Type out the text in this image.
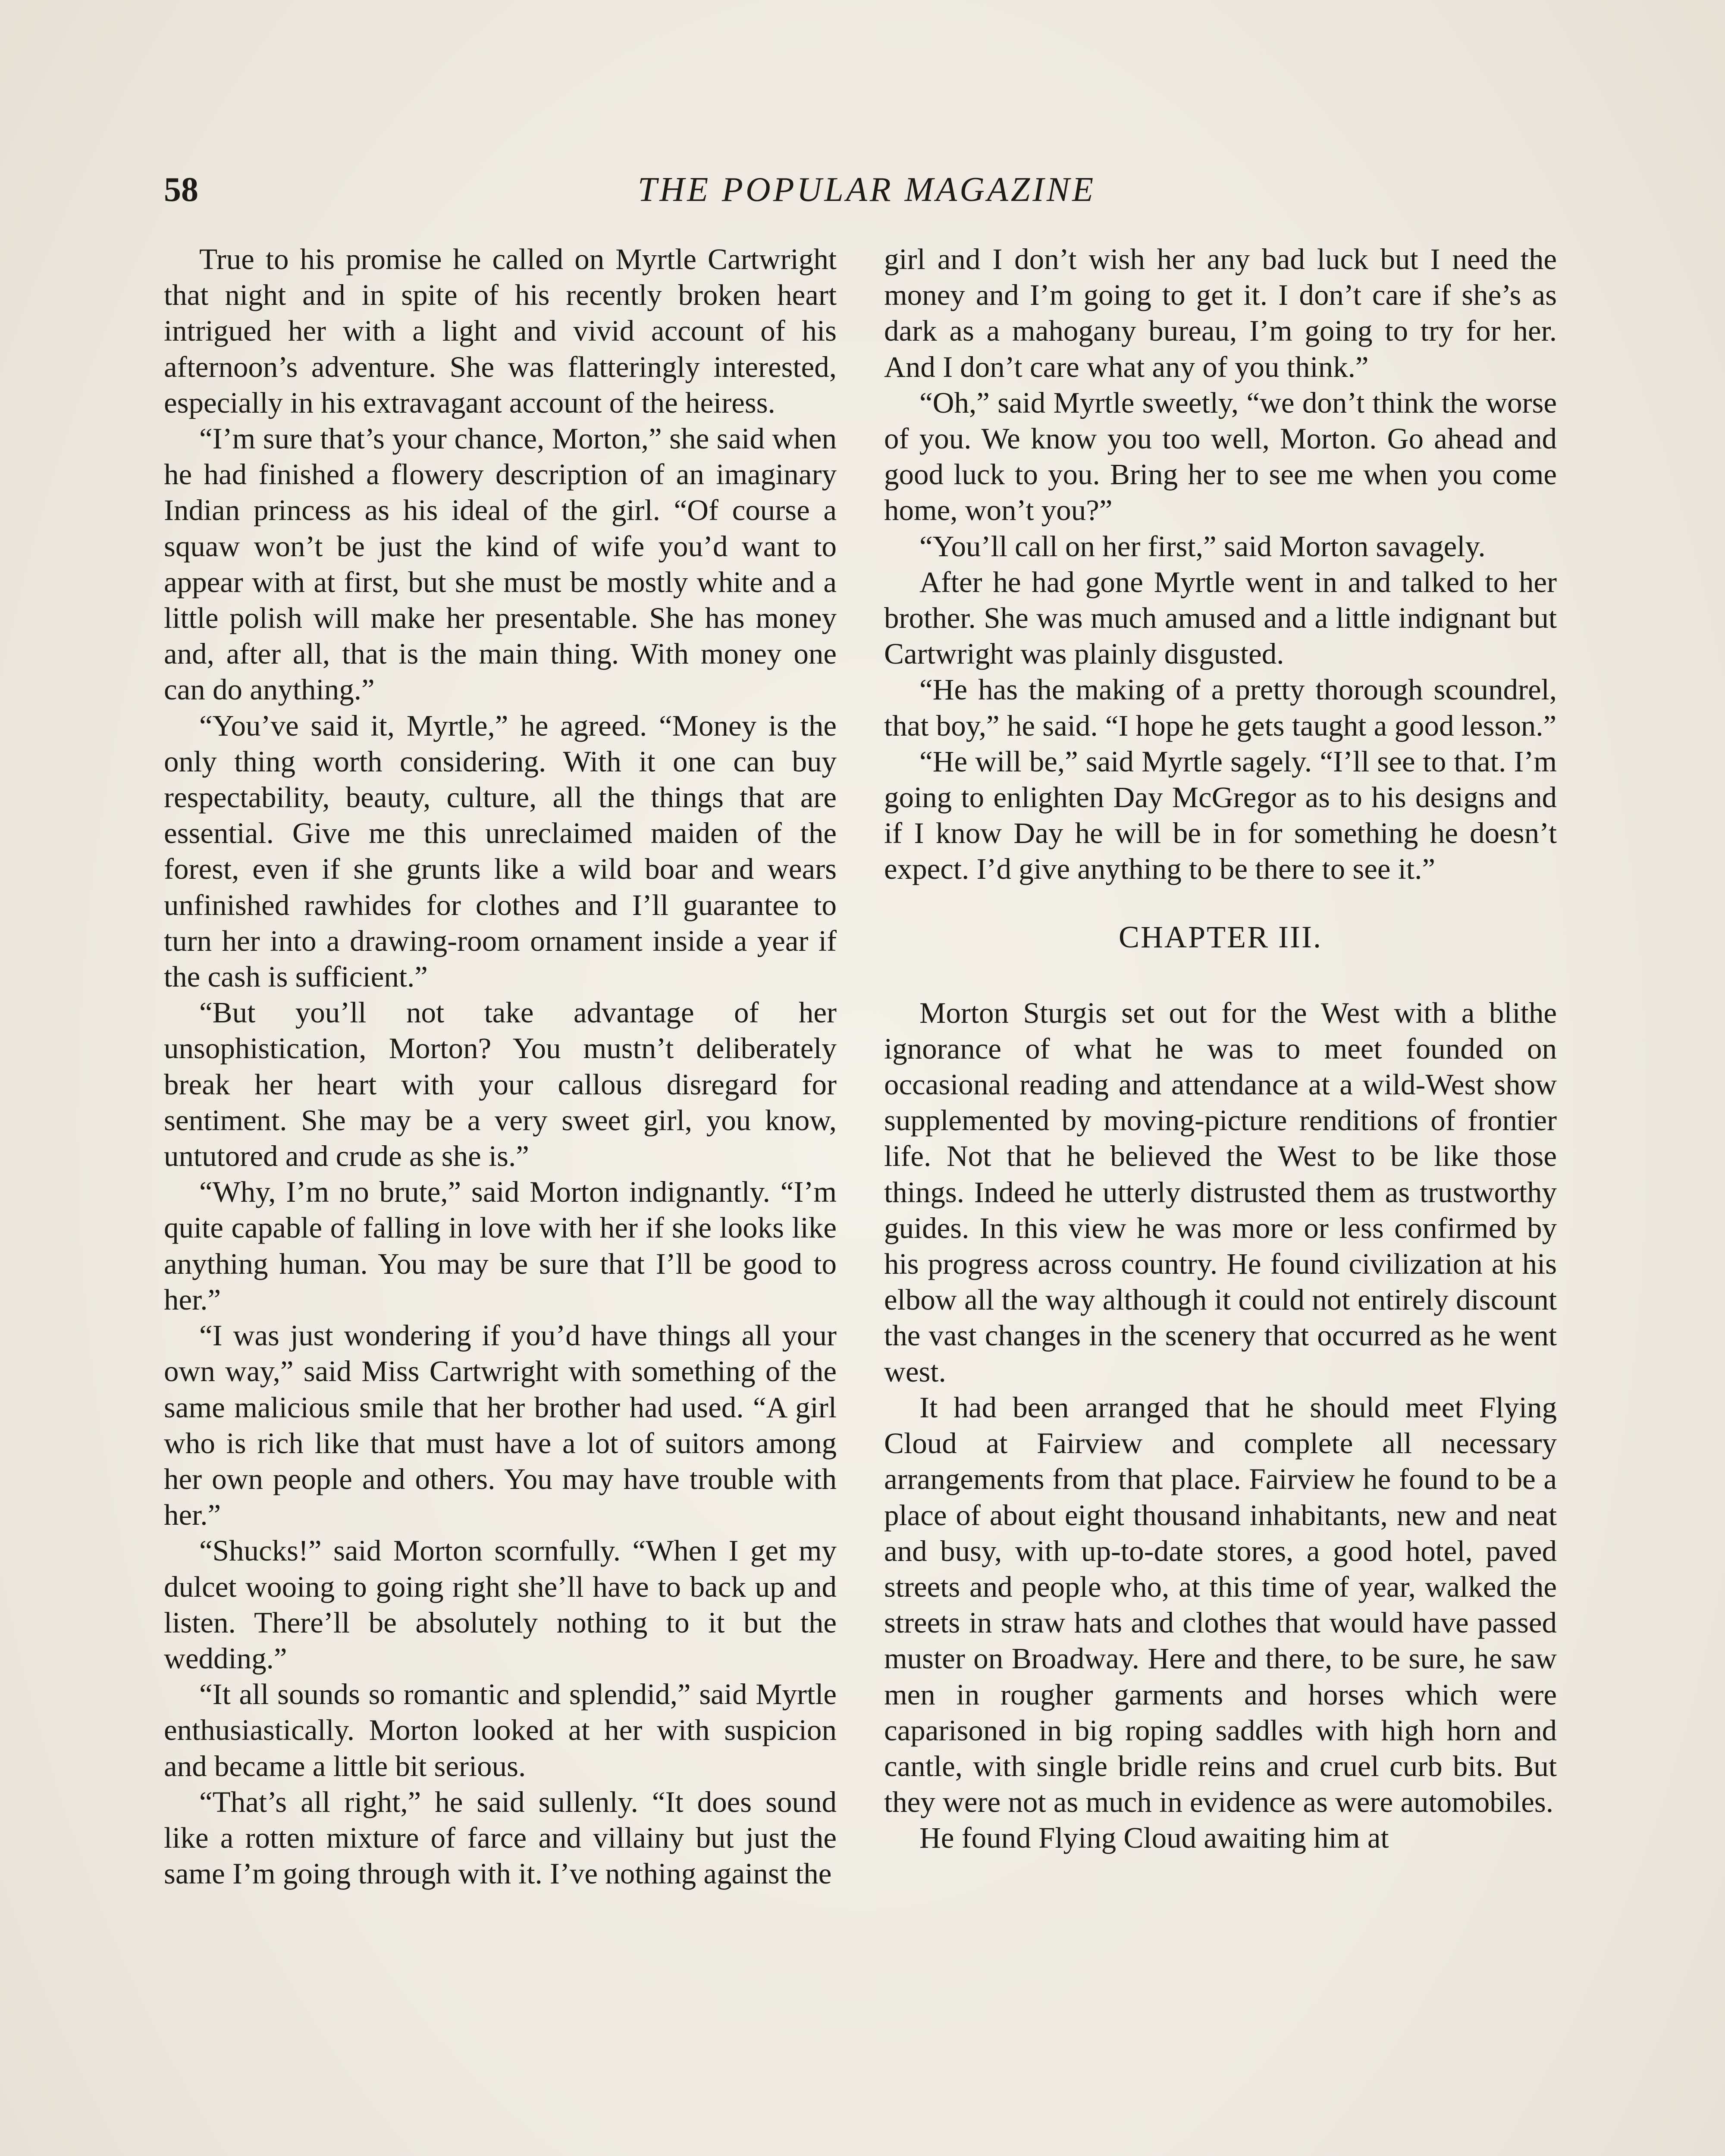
58	THE POPULAR MAGAZINE

True to his promise he called on Myrtle Cartwright that night and in spite of his recently broken heart intrigued her with a light and vivid account of his afternoon’s adventure. She was flatteringly interested, especially in his extravagant account of the heiress.

“I’m sure that’s your chance, Morton,” she said when he had finished a flowery description of an imaginary Indian princess as his ideal of the girl. “Of course a squaw won’t be just the kind of wife you’d want to appear with at first, but she must be mostly white and a little polish will make her presentable. She has money and, after all, that is the main thing. With money one can do anything.”

“You’ve said it, Myrtle,” he agreed. “Money is the only thing worth considering. With it one can buy respectability, beauty, culture, all the things that are essential. Give me this unreclaimed maiden of the forest, even if she grunts like a wild boar and wears unfinished rawhides for clothes and I’ll guarantee to turn her into a drawing-room ornament inside a year if the cash is sufficient.”

“But you’ll not take advantage of her unsophistication, Morton? You mustn’t deliberately break her heart with your callous disregard for sentiment. She may be a very sweet girl, you know, untutored and crude as she is.”

“Why, I’m no brute,” said Morton indignantly. “I’m quite capable of falling in love with her if she looks like anything human. You may be sure that I’ll be good to her.”

“I was just wondering if you’d have things all your own way,” said Miss Cartwright with something of the same malicious smile that her brother had used. “A girl who is rich like that must have a lot of suitors among her own people and others. You may have trouble with her.”

“Shucks!” said Morton scornfully. “When I get my dulcet wooing to going right she’ll have to back up and listen. There’ll be absolutely nothing to it but the wedding.”

“It all sounds so romantic and splendid,” said Myrtle enthusiastically. Morton looked at her with suspicion and became a little bit serious.

“That’s all right,” he said sullenly. “It does sound like a rotten mixture of farce and villainy but just the same I’m going through with it. I’ve nothing against the

girl and I don’t wish her any bad luck but I need the money and I’m going to get it. I don’t care if she’s as dark as a mahogany bureau, I’m going to try for her. And I don’t care what any of you think.”

“Oh,” said Myrtle sweetly, “we don’t think the worse of you. We know you too well, Morton. Go ahead and good luck to you. Bring her to see me when you come home, won’t you?”

“You’ll call on her first,” said Morton savagely.

After he had gone Myrtle went in and talked to her brother. She was much amused and a little indignant but Cartwright was plainly disgusted.

“He has the making of a pretty thorough scoundrel, that boy,” he said. “I hope he gets taught a good lesson.”

“He will be,” said Myrtle sagely. “I’ll see to that. I’m going to enlighten Day McGregor as to his designs and if I know Day he will be in for something he doesn’t expect. I’d give anything to be there to see it.”

CHAPTER III.

Morton Sturgis set out for the West with a blithe ignorance of what he was to meet founded on occasional reading and attendance at a wild-West show supplemented by moving-picture renditions of frontier life. Not that he believed the West to be like those things. Indeed he utterly distrusted them as trustworthy guides. In this view he was more or less confirmed by his progress across country. He found civilization at his elbow all the way although it could not entirely discount the vast changes in the scenery that occurred as he went west.

It had been arranged that he should meet Flying Cloud at Fairview and complete all necessary arrangements from that place. Fairview he found to be a place of about eight thousand inhabitants, new and neat and busy, with up-to-date stores, a good hotel, paved streets and people who, at this time of year, walked the streets in straw hats and clothes that would have passed muster on Broadway. Here and there, to be sure, he saw men in rougher garments and horses which were caparisoned in big roping saddles with high horn and cantle, with single bridle reins and cruel curb bits. But they were not as much in evidence as were automobiles.

He found Flying Cloud awaiting him at
